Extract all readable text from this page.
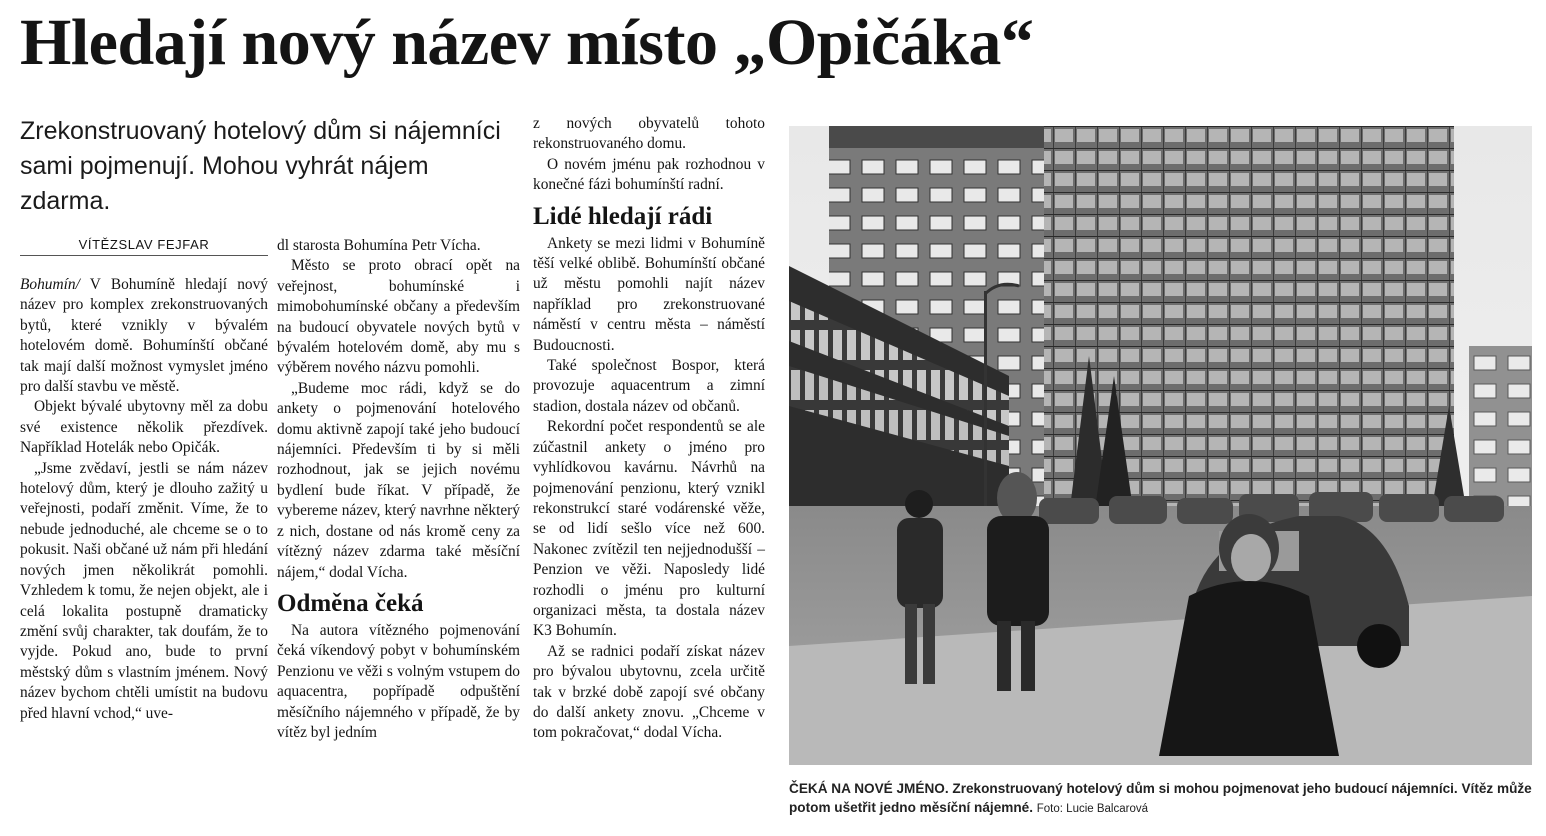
Hledají nový název místo „Opičáka“
Zrekonstruovaný hotelový dům si nájemníci sami pojmenují. Mohou vyhrát nájem zdarma.
VÍTĚZSLAV FEJFAR

Bohumín/ V Bohumíně hledají nový název pro komplex zrekonstruovaných bytů, které vznikly v bývalém hotelovém domě. Bohumínští občané tak mají další možnost vymyslet jméno pro další stavbu ve městě.

Objekt bývalé ubytovny měl za dobu své existence několik přezdívek. Například Hotelák nebo Opičák.

„Jsme zvědaví, jestli se nám název hotelový dům, který je dlouho zažitý u veřejnosti, podaří změnit. Víme, že to nebude jednoduché, ale chceme se o to pokusit. Naši občané už nám při hledání nových jmen několikrát pomohli. Vzhledem k tomu, že nejen objekt, ale i celá lokalita postupně dramaticky změní svůj charakter, tak doufám, že to vyjde. Pokud ano, bude to první městský dům s vlastním jménem. Nový název bychom chtěli umístit na budovu před hlavní vchod,“ uve-

dl starosta Bohumína Petr Vícha.

Město se proto obrací opět na veřejnost, bohumínské i mimobohumínské občany a především na budoucí obyvatele nových bytů v bývalém hotelovém domě, aby mu s výběrem nového názvu pomohli.

„Budeme moc rádi, když se do ankety o pojmenování hotelového domu aktivně zapojí také jeho budoucí nájemníci. Především ti by si měli rozhodnout, jak se jejich novému bydlení bude říkat. V případě, že vybereme název, který navrhne některý z nich, dostane od nás kromě ceny za vítězný název zdarma také měsíční nájem,“ dodal Vícha.

Odměna čeká

Na autora vítězného pojmenování čeká víkendový pobyt v bohumínském Penzionu ve věži s volným vstupem do aquacentra, popřípadě odpuštění měsíčního nájemného v případě, že by vítěz byl jedním

z nových obyvatelů tohoto rekonstruovaného domu.

O novém jménu pak rozhodnou v konečné fázi bohumínští radní.

Lidé hledají rádi

Ankety se mezi lidmi v Bohumíně těší velké oblibě. Bohumínští občané už městu pomohli najít název například pro zrekonstruované náměstí v centru města – náměstí Budoucnosti.

Také společnost Bospor, která provozuje aquacentrum a zimní stadion, dostala název od občanů.

Rekordní počet respondentů se ale zúčastnil ankety o jméno pro vyhlídkovou kavárnu. Návrhů na pojmenování penzionu, který vznikl rekonstrukcí staré vodárenské věže, se od lidí sešlo více než 600. Nakonec zvítězil ten nejjednodušší – Penzion ve věži. Naposledy lidé rozhodli o jménu pro kulturní organizaci města, ta dostala název K3 Bohumín.

Až se radnici podaří získat název pro bývalou ubytovnu, zcela určitě tak v brzké době zapojí své občany do další ankety znovu. „Chceme v tom pokračovat,“ dodal Vícha.

ČEKÁ NA NOVÉ JMÉNO. Zrekonstruovaný hotelový dům si mohou pojmenovat jeho budoucí nájemníci. Vítěz může potom ušetřit jedno měsíční nájemné. Foto: Lucie Balcarová
